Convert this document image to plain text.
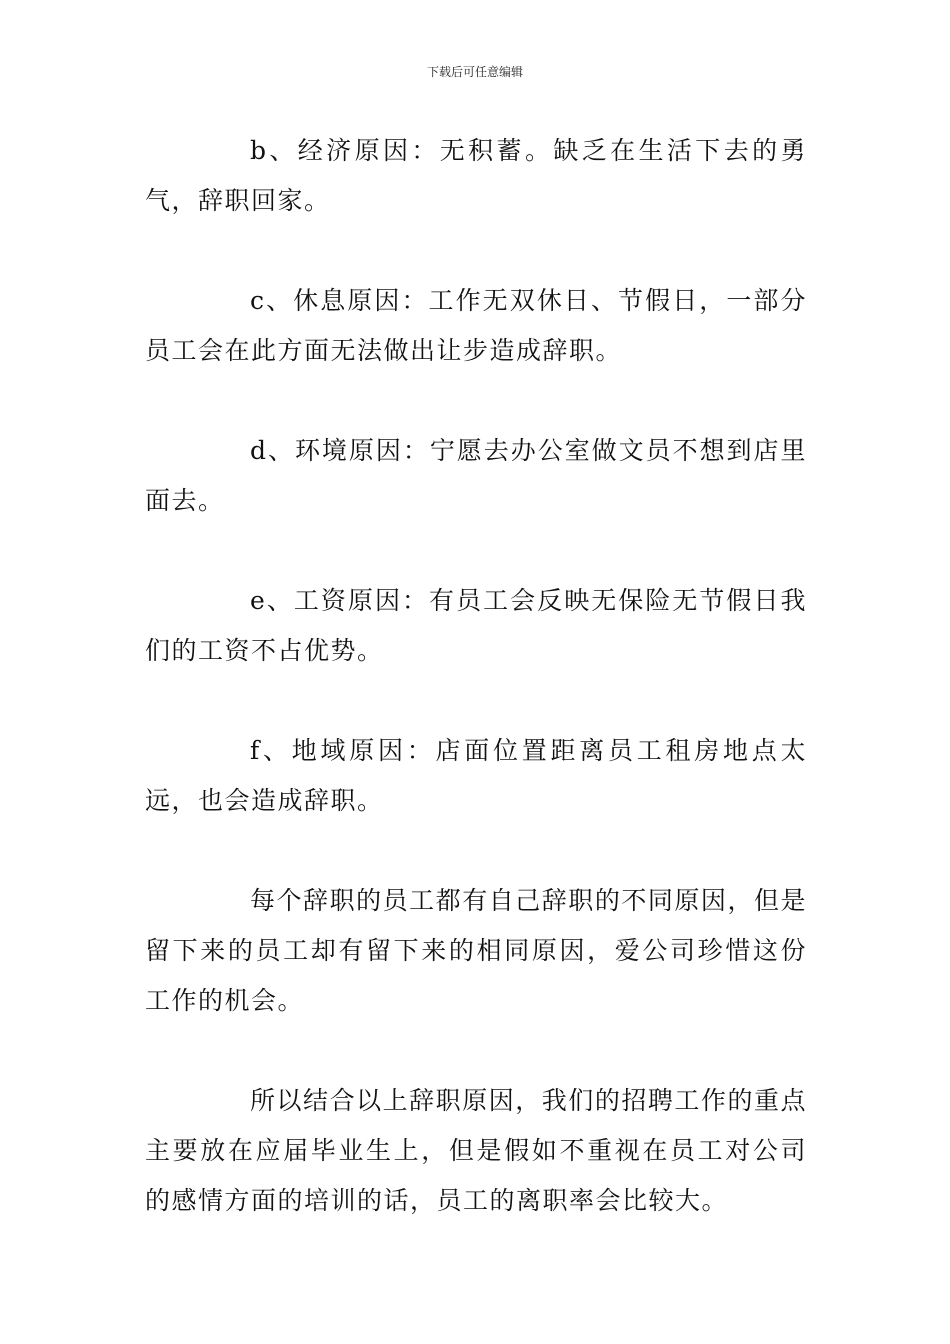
下载后可任意编辑

b、经济原因：无积蓄。缺乏在生活下去的勇气，辞职回家。

c、休息原因：工作无双休日、节假日，一部分员工会在此方面无法做出让步造成辞职。

d、环境原因：宁愿去办公室做文员不想到店里面去。

e、工资原因：有员工会反映无保险无节假日我们的工资不占优势。

f、地域原因：店面位置距离员工租房地点太远，也会造成辞职。

每个辞职的员工都有自己辞职的不同原因，但是留下来的员工却有留下来的相同原因，爱公司珍惜这份工作的机会。

所以结合以上辞职原因，我们的招聘工作的重点主要放在应届毕业生上，但是假如不重视在员工对公司的感情方面的培训的话，员工的离职率会比较大。
